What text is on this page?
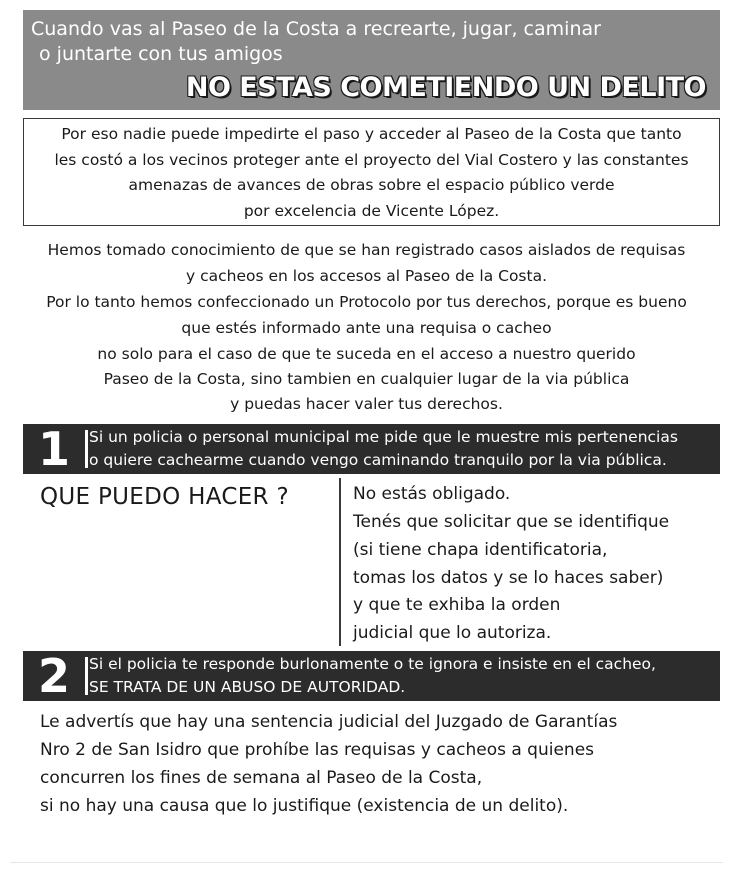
Cuando vas al Paseo de la Costa a recrearte, jugar, caminar
o juntarte con tus amigos
NO ESTAS COMETIENDO UN DELITO
Por eso nadie puede impedirte el paso y acceder al Paseo de la Costa que tanto
les costó a los vecinos proteger ante el proyecto del Vial Costero y las constantes
amenazas de avances de obras sobre el espacio público verde
por excelencia de Vicente López.
Hemos tomado conocimiento de que se han registrado casos aislados de requisas
y cacheos en los accesos al Paseo de la Costa.
Por lo tanto hemos confeccionado un Protocolo por tus derechos, porque es bueno
que estés informado ante una requisa o cacheo
no solo para el caso de que te suceda en el acceso a nuestro querido
Paseo de la Costa, sino tambien en cualquier lugar de la via pública
y puedas hacer valer tus derechos.
1	Si un policia o personal municipal me pide que le muestre mis pertenencias
o quiere cachearme cuando vengo caminando tranquilo por la via pública.
QUE PUEDO HACER ?	No estás obligado.
Tenés que solicitar que se identifique
(si tiene chapa identificatoria,
tomas los datos y se lo haces saber)
y que te exhiba la orden
judicial que lo autoriza.
2	Si el policia te responde burlonamente o te ignora e insiste en el cacheo,
SE TRATA DE UN ABUSO DE AUTORIDAD.
Le advertís que hay una sentencia judicial del Juzgado de Garantías
Nro 2 de San Isidro que prohíbe las requisas y cacheos a quienes
concurren los fines de semana al Paseo de la Costa,
si no hay una causa que lo justifique (existencia de un delito).
